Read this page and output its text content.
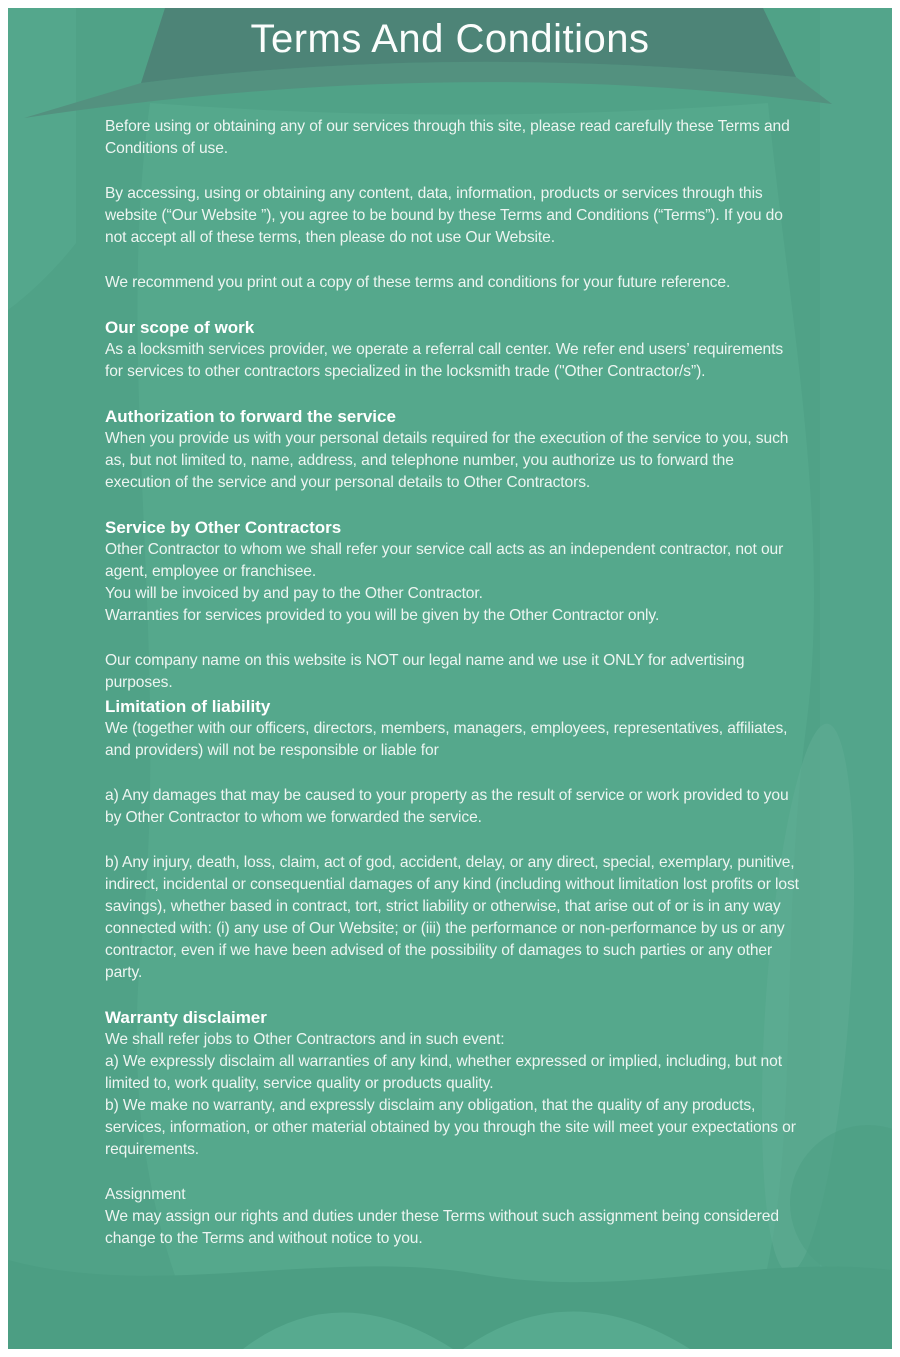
Terms And Conditions

Before using or obtaining any of our services through this site, please read carefully these Terms and Conditions of use.

By accessing, using or obtaining any content, data, information, products or services through this website (“Our Website ”), you agree to be bound by these Terms and Conditions (“Terms”). If you do not accept all of these terms, then please do not use Our Website.

We recommend you print out a copy of these terms and conditions for your future reference.

Our scope of work

As a locksmith services provider, we operate a referral call center. We refer end users’ requirements for services to other contractors specialized in the locksmith trade ("Other Contractor/s”).

Authorization to forward the service

When you provide us with your personal details required for the execution of the service to you, such as, but not limited to, name, address, and telephone number, you authorize us to forward the execution of the service and your personal details to Other Contractors.

Service by Other Contractors

Other Contractor to whom we shall refer your service call acts as an independent contractor, not our agent, employee or franchisee.

You will be invoiced by and pay to the Other Contractor.

Warranties for services provided to you will be given by the Other Contractor only.

Our company name on this website is NOT our legal name and we use it ONLY for advertising purposes.

Limitation of liability

We (together with our officers, directors, members, managers, employees, representatives, affiliates, and providers) will not be responsible or liable for

a) Any damages that may be caused to your property as the result of service or work provided to you by Other Contractor to whom we forwarded the service.

b) Any injury, death, loss, claim, act of god, accident, delay, or any direct, special, exemplary, punitive, indirect, incidental or consequential damages of any kind (including without limitation lost profits or lost savings), whether based in contract, tort, strict liability or otherwise, that arise out of or is in any way connected with: (i) any use of Our Website; or (iii) the performance or non-performance by us or any contractor, even if we have been advised of the possibility of damages to such parties or any other party.

Warranty disclaimer

We shall refer jobs to Other Contractors and in such event:

a) We expressly disclaim all warranties of any kind, whether expressed or implied, including, but not limited to, work quality, service quality or products quality.

b) We make no warranty, and expressly disclaim any obligation, that the quality of any products, services, information, or other material obtained by you through the site will meet your expectations or requirements.

Assignment

We may assign our rights and duties under these Terms without such assignment being considered change to the Terms and without notice to you.
